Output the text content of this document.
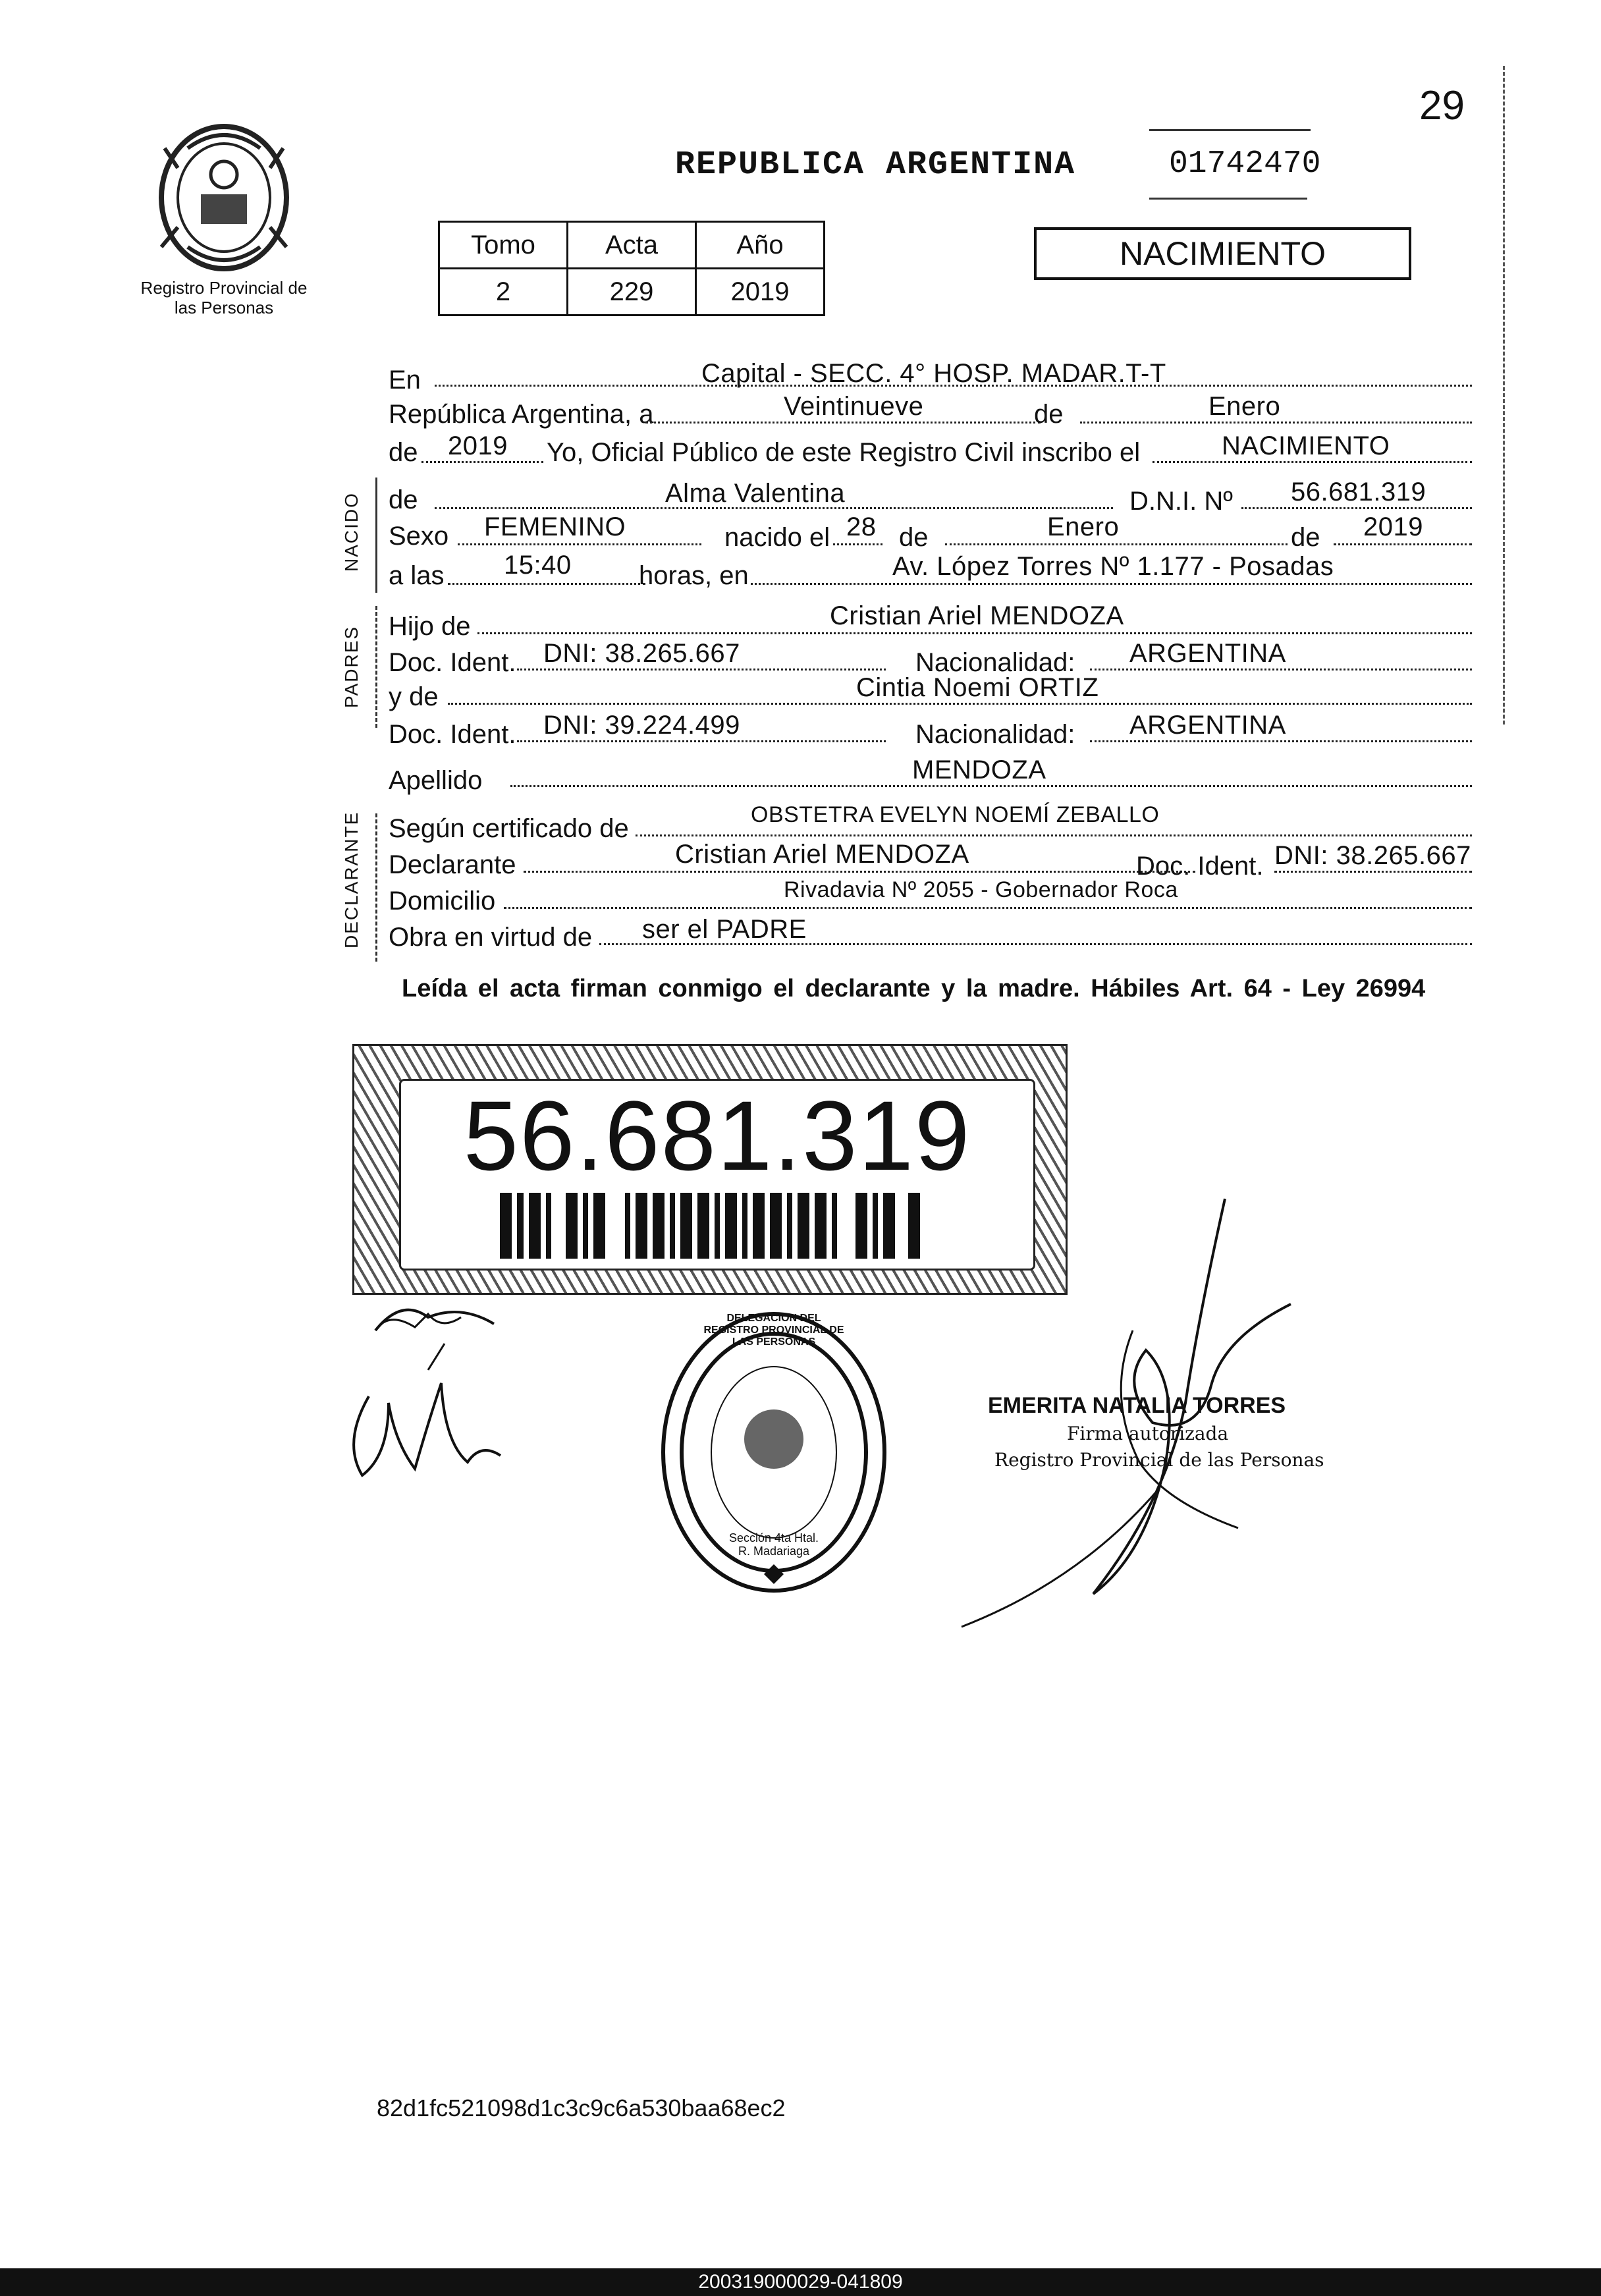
29
Registro Provincial de las Personas
REPUBLICA ARGENTINA	01742470
Tomo	Acta	Año
2	229	2019
NACIMIENTO
En	Capital - SECC. 4° HOSP. MADAR.T-T
República Argentina, a	Veintinueve	de	Enero
de 2019 Yo, Oficial Público de este Registro Civil inscribo el	NACIMIENTO
de	Alma Valentina	D.N.I. Nº 56.681.319
Sexo FEMENINO	nacido el 28 de	Enero	de 2019
a las 15:40	horas, en	Av. López Torres Nº 1.177 - Posadas
Hijo de	Cristian Ariel MENDOZA
Doc. Ident. DNI: 38.265.667	Nacionalidad: ARGENTINA
y de	Cintia Noemi ORTIZ
Doc. Ident. DNI: 39.224.499	Nacionalidad: ARGENTINA
Apellido	MENDOZA
Según certificado de	OBSTETRA EVELYN NOEMÍ ZEBALLO
Declarante	Cristian Ariel MENDOZA	Doc. Ident. DNI: 38.265.667
Domicilio	Rivadavia Nº 2055 - Gobernador Roca
Obra en virtud de ser el PADRE
NACIDO
PADRES
DECLARANTE
Leída el acta firman conmigo el declarante y la madre. Hábiles Art. 64 - Ley 26994
56.681.319
DELEGACION DEL REGISTRO PROVINCIAL DE LAS PERSONAS
Sección 4ta Htal. R. Madariaga
EMERITA NATALIA TORRES
Firma autorizada
Registro Provincial de las Personas
82d1fc521098d1c3c9c6a530baa68ec2
200319000029-041809
